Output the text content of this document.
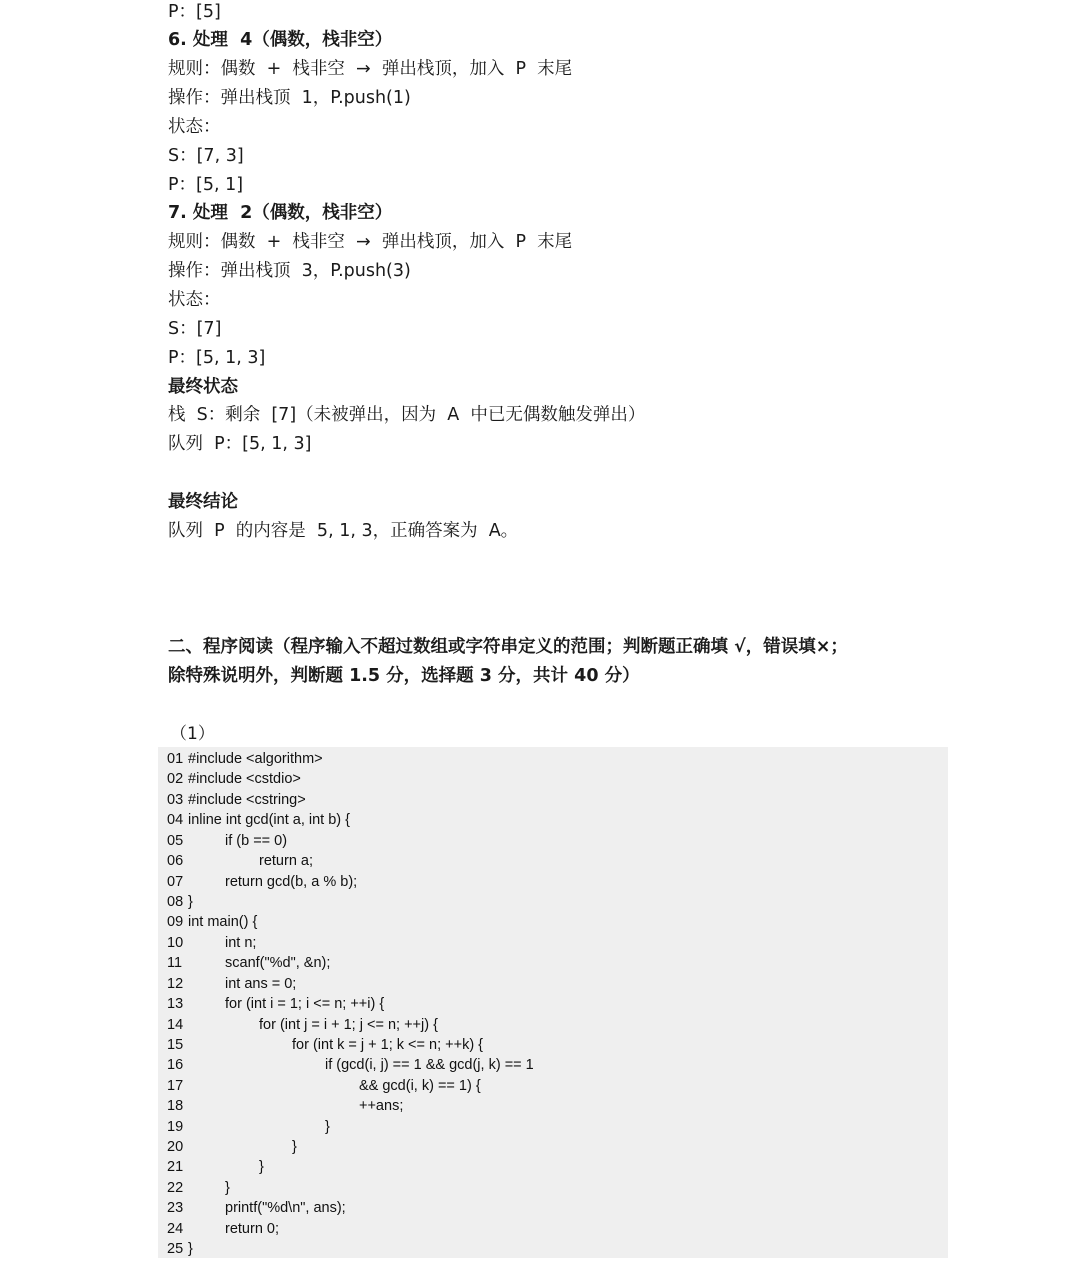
P：[5]
6. 处理  4（偶数，栈非空）
规则：偶数  +  栈非空  →  弹出栈顶，加入  P  末尾
操作：弹出栈顶  1，P.push(1)
状态：
S：[7, 3]
P：[5, 1]
7. 处理  2（偶数，栈非空）
规则：偶数  +  栈非空  →  弹出栈顶，加入  P  末尾
操作：弹出栈顶  3，P.push(3)
状态：
S：[7]
P：[5, 1, 3]
最终状态
栈  S：剩余  [7]（未被弹出，因为  A  中已无偶数触发弹出）
队列  P：[5, 1, 3]
最终结论
队列  P  的内容是  5, 1, 3，正确答案为  A。
二、程序阅读（程序输入不超过数组或字符串定义的范围；判断题正确填 √，错误填×；
除特殊说明外，判断题 1.5 分，选择题 3 分，共计 40 分）
（1）
01 #include <algorithm>
02 #include <cstdio>
03 #include <cstring>
04 inline int gcd(int a, int b) {
05	if (b == 0)
06	return a;
07	return gcd(b, a % b);
08 }
09 int main() {
10	int n;
11	scanf("%d", &n);
12	int ans = 0;
13	for (int i = 1; i <= n; ++i) {
14	for (int j = i + 1; j <= n; ++j) {
15	for (int k = j + 1; k <= n; ++k) {
16	if (gcd(i, j) == 1 && gcd(j, k) == 1
17	&& gcd(i, k) == 1) {
18	++ans;
19	}
20	}
21	}
22	}
23	printf("%d\n", ans);
24	return 0;
25 }
